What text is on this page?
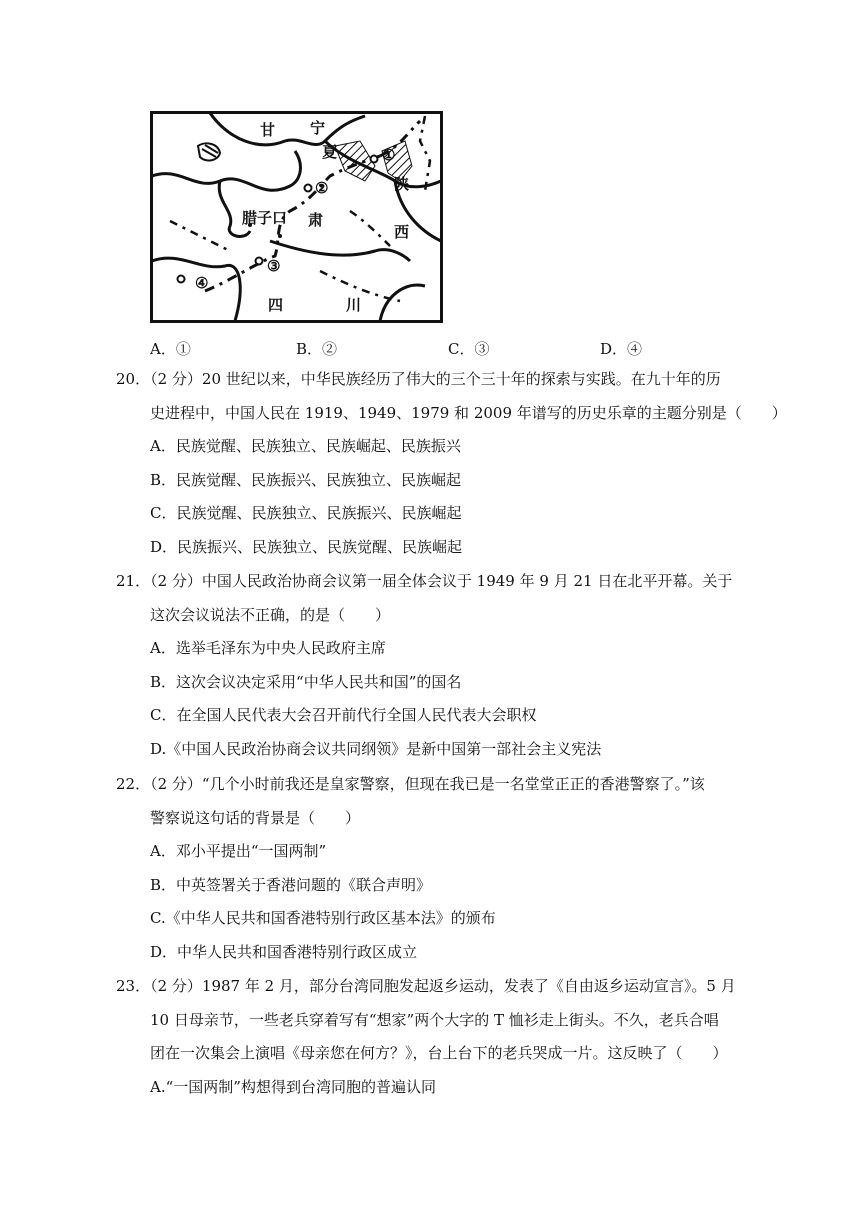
甘 宁
夏
陕
西
肃
腊子口
四	川
①
②
③
④
A．①	B．②	C．③	D．④
20．（2 分）20 世纪以来，中华民族经历了伟大的三个三十年的探索与实践。在九十年的历
史进程中，中国人民在 1919、1949、1979 和 2009 年谱写的历史乐章的主题分别是（　　）
A．民族觉醒、民族独立、民族崛起、民族振兴
B．民族觉醒、民族振兴、民族独立、民族崛起
C．民族觉醒、民族独立、民族振兴、民族崛起
D．民族振兴、民族独立、民族觉醒、民族崛起
21．（2 分）中国人民政治协商会议第一届全体会议于 1949 年 9 月 21 日在北平开幕。关于
这次会议说法不正确，的是（　　）
A．选举毛泽东为中央人民政府主席
B．这次会议决定采用“中华人民共和国”的国名
C．在全国人民代表大会召开前代行全国人民代表大会职权
D.《中国人民政治协商会议共同纲领》是新中国第一部社会主义宪法
22．（2 分）“几个小时前我还是皇家警察，但现在我已是一名堂堂正正的香港警察了。”该
警察说这句话的背景是（　　）
A．邓小平提出“一国两制”
B．中英签署关于香港问题的《联合声明》
C.《中华人民共和国香港特别行政区基本法》的颁布
D．中华人民共和国香港特别行政区成立
23．（2 分）1987 年 2 月，部分台湾同胞发起返乡运动，发表了《自由返乡运动宣言》。5 月
10 日母亲节，一些老兵穿着写有“想家”两个大字的 T 恤衫走上街头。不久，老兵合唱
团在一次集会上演唱《母亲您在何方？》，台上台下的老兵哭成一片。这反映了（　　）
A.“一国两制”构想得到台湾同胞的普遍认同
